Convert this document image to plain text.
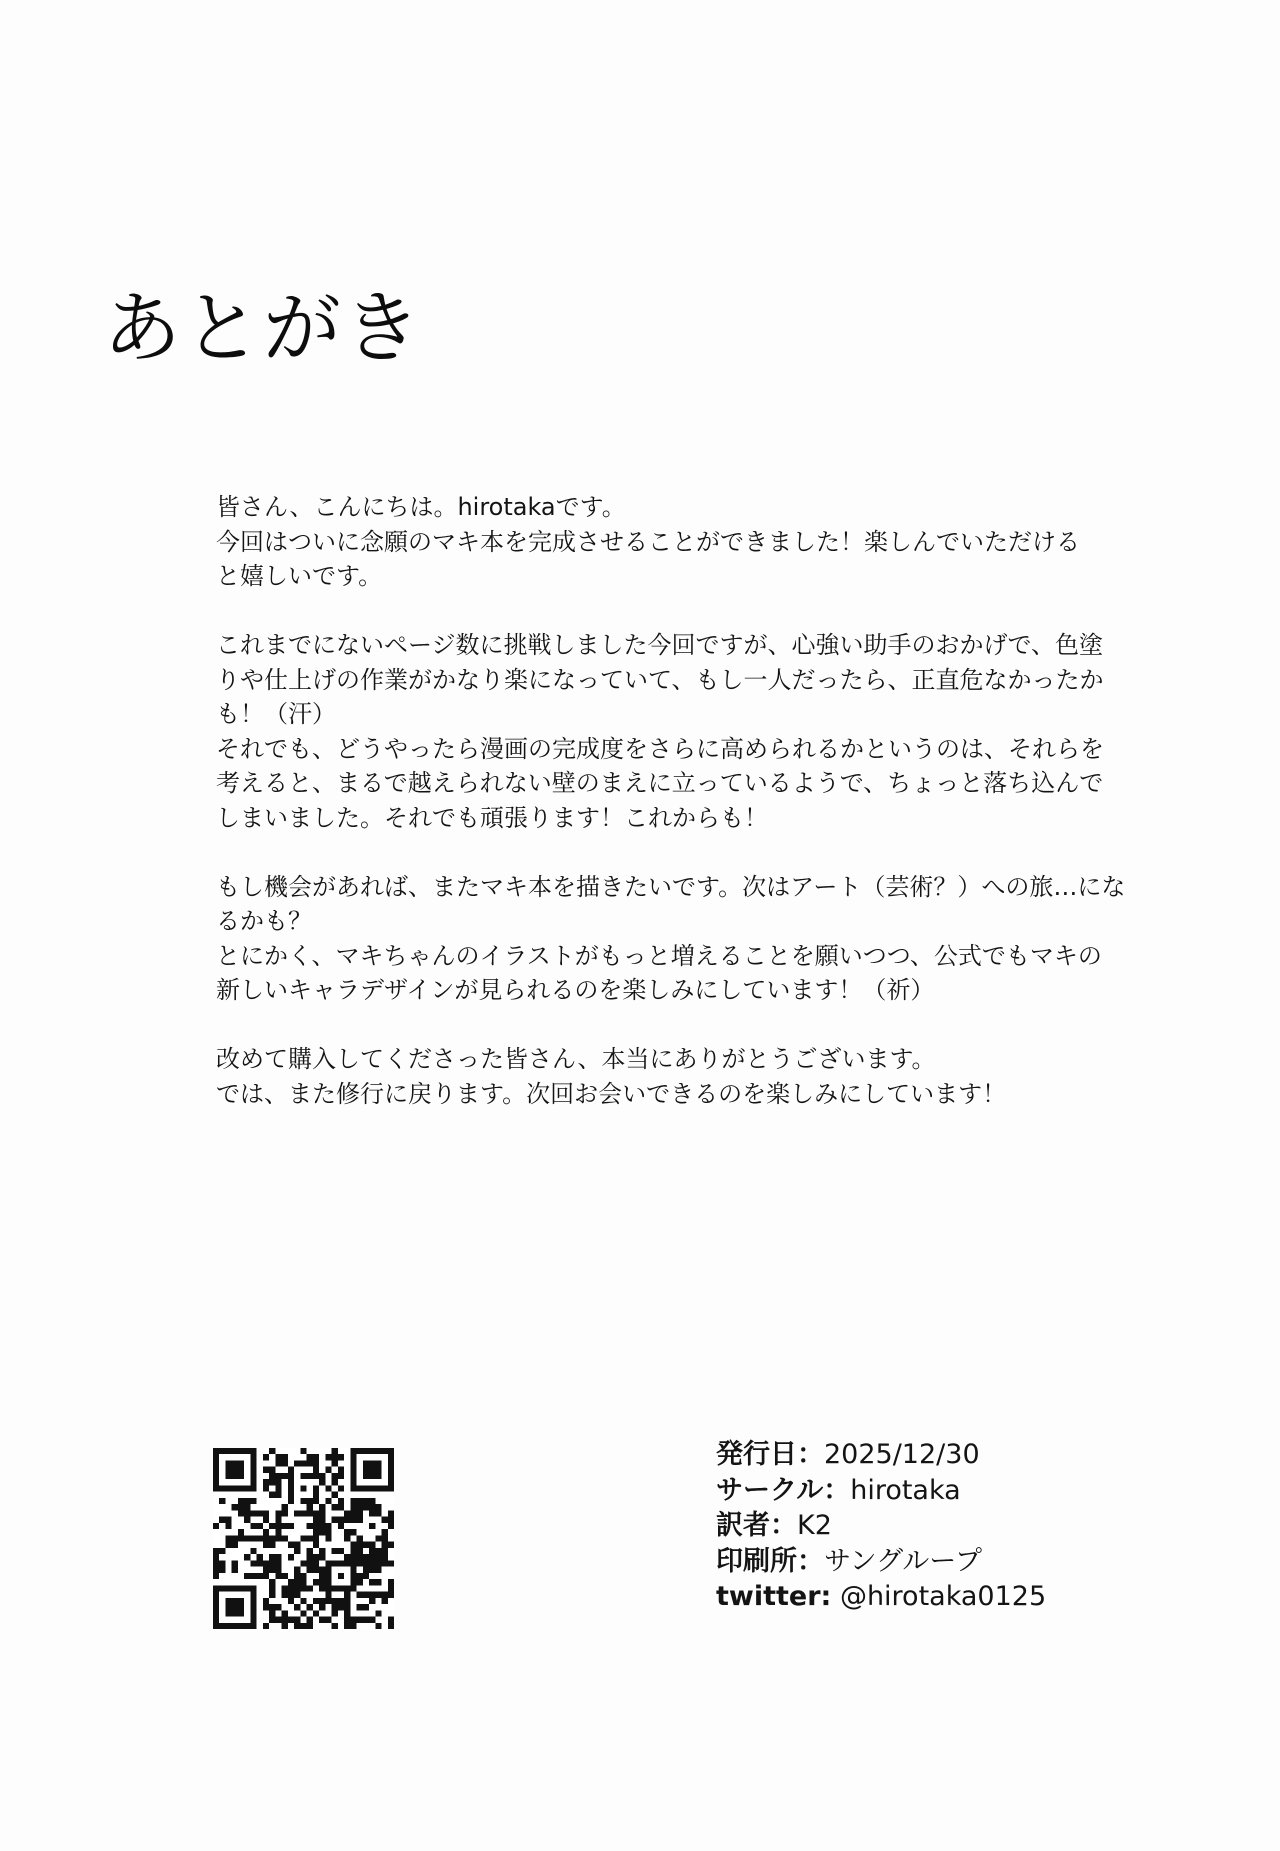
あとがき

皆さん、こんにちは。hirotakaです。
今回はついに念願のマキ本を完成させることができました！楽しんでいただける
と嬉しいです。

これまでにないページ数に挑戦しました今回ですが、心強い助手のおかげで、色塗
りや仕上げの作業がかなり楽になっていて、もし一人だったら、正直危なかったか
も！（汗）
それでも、どうやったら漫画の完成度をさらに高められるかというのは、それらを
考えると、まるで越えられない壁のまえに立っているようで、ちょっと落ち込んで
しまいました。それでも頑張ります！これからも！

もし機会があれば、またマキ本を描きたいです。次はアート（芸術？）への旅…にな
るかも？
とにかく、マキちゃんのイラストがもっと増えることを願いつつ、公式でもマキの
新しいキャラデザインが見られるのを楽しみにしています！（祈）

改めて購入してくださった皆さん、本当にありがとうございます。
では、また修行に戻ります。次回お会いできるのを楽しみにしています！

発行日：2025/12/30
サークル：hirotaka
訳者：K2
印刷所：サングループ
twitter: @hirotaka0125
